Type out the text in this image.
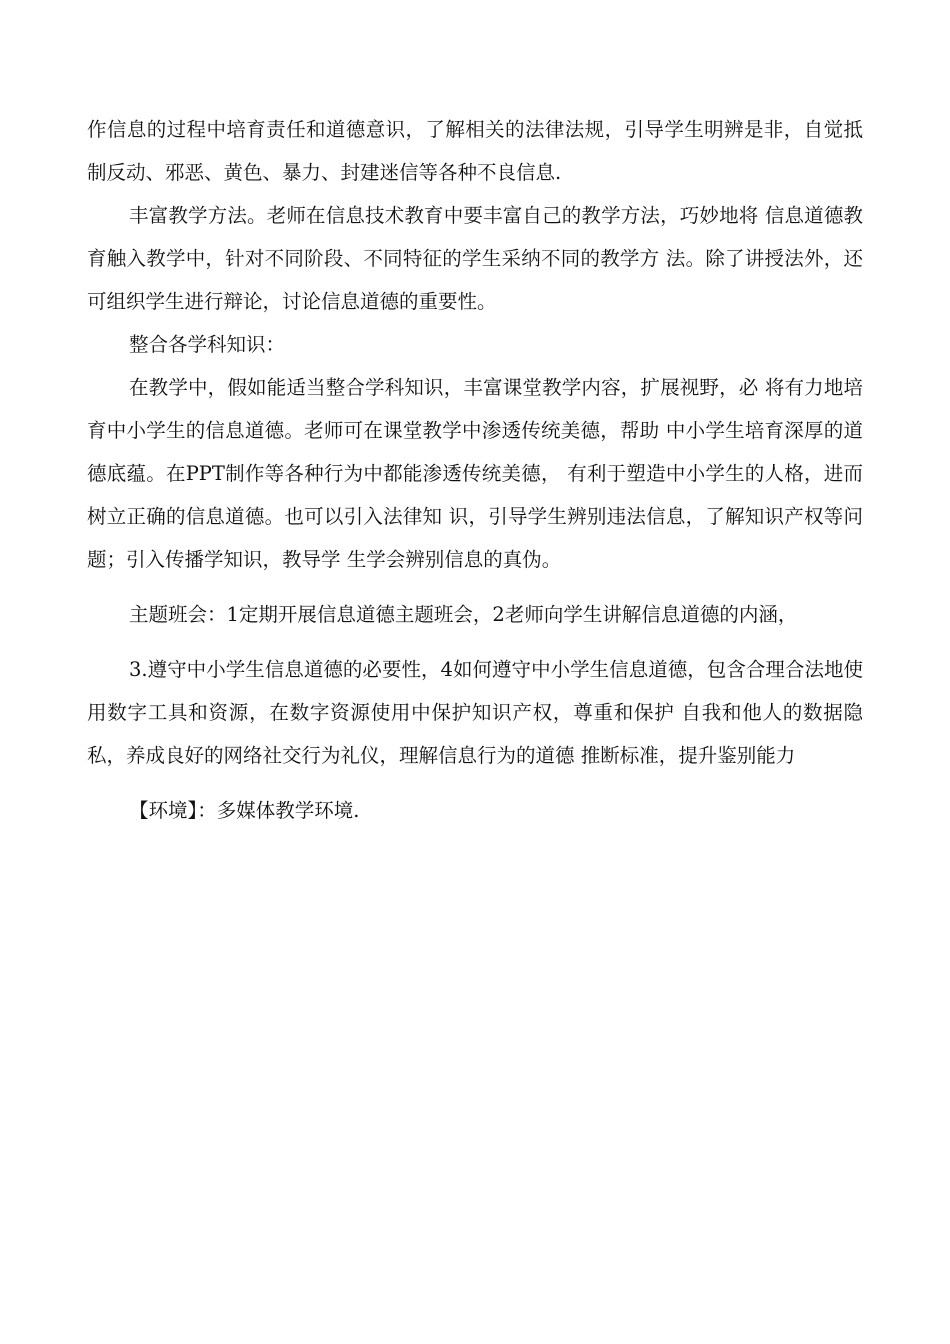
作信息的过程中培育责任和道德意识，了解相关的法律法规，引导学生明辨是非，自觉抵制反动、邪恶、黄色、暴力、封建迷信等各种不良信息.

丰富教学方法。老师在信息技术教育中要丰富自己的教学方法，巧妙地将 信息道德教育触入教学中，针对不同阶段、不同特征的学生采纳不同的教学方 法。除了讲授法外，还可组织学生进行辩论，讨论信息道德的重要性。

整合各学科知识：

在教学中，假如能适当整合学科知识，丰富课堂教学内容，扩展视野，必 将有力地培育中小学生的信息道德。老师可在课堂教学中渗透传统美德，帮助 中小学生培育深厚的道德底蕴。在PPT制作等各种行为中都能渗透传统美德， 有利于塑造中小学生的人格，进而树立正确的信息道德。也可以引入法律知 识，引导学生辨别违法信息，了解知识产权等问题；引入传播学知识，教导学 生学会辨别信息的真伪。

主题班会：1定期开展信息道德主题班会，2老师向学生讲解信息道德的内涵，

3.遵守中小学生信息道德的必要性，4如何遵守中小学生信息道德，包含合理合法地使用数字工具和资源，在数字资源使用中保护知识产权，尊重和保护 自我和他人的数据隐私，养成良好的网络社交行为礼仪，理解信息行为的道德 推断标准，提升鉴别能力

【环境】：多媒体教学环境.
